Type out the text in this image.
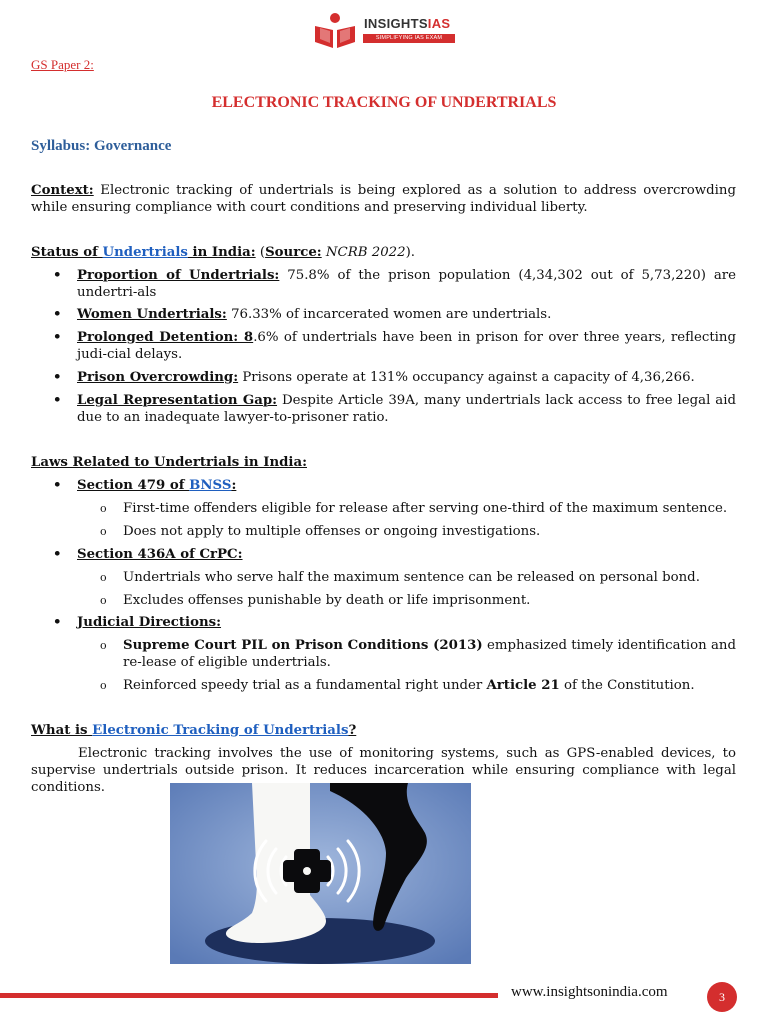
INSIGHTSIAS
SIMPLIFYING IAS EXAM PREPARATION
GS Paper 2:
ELECTRONIC TRACKING OF UNDERTRIALS
Syllabus: Governance
Context: Electronic tracking of undertrials is being explored as a solution to address overcrowding while ensuring compliance with court conditions and preserving individual liberty.
Status of Undertrials in India: (Source: NCRB 2022).
• Proportion of Undertrials: 75.8% of the prison population (4,34,302 out of 5,73,220) are undertri-als
• Women Undertrials: 76.33% of incarcerated women are undertrials.
• Prolonged Detention: 8.6% of undertrials have been in prison for over three years, reflecting judi-cial delays.
• Prison Overcrowding: Prisons operate at 131% occupancy against a capacity of 4,36,266.
• Legal Representation Gap: Despite Article 39A, many undertrials lack access to free legal aid due to an inadequate lawyer-to-prisoner ratio.
Laws Related to Undertrials in India:
• Section 479 of BNSS:
o First-time offenders eligible for release after serving one-third of the maximum sentence.
o Does not apply to multiple offenses or ongoing investigations.
• Section 436A of CrPC:
o Undertrials who serve half the maximum sentence can be released on personal bond.
o Excludes offenses punishable by death or life imprisonment.
• Judicial Directions:
o Supreme Court PIL on Prison Conditions (2013) emphasized timely identification and re-lease of eligible undertrials.
o Reinforced speedy trial as a fundamental right under Article 21 of the Constitution.
What is Electronic Tracking of Undertrials?
Electronic tracking involves the use of monitoring systems, such as GPS-enabled devices, to supervise undertrials outside prison. It reduces incarceration while ensuring compliance with legal conditions.
www.insightsonindia.com	3
